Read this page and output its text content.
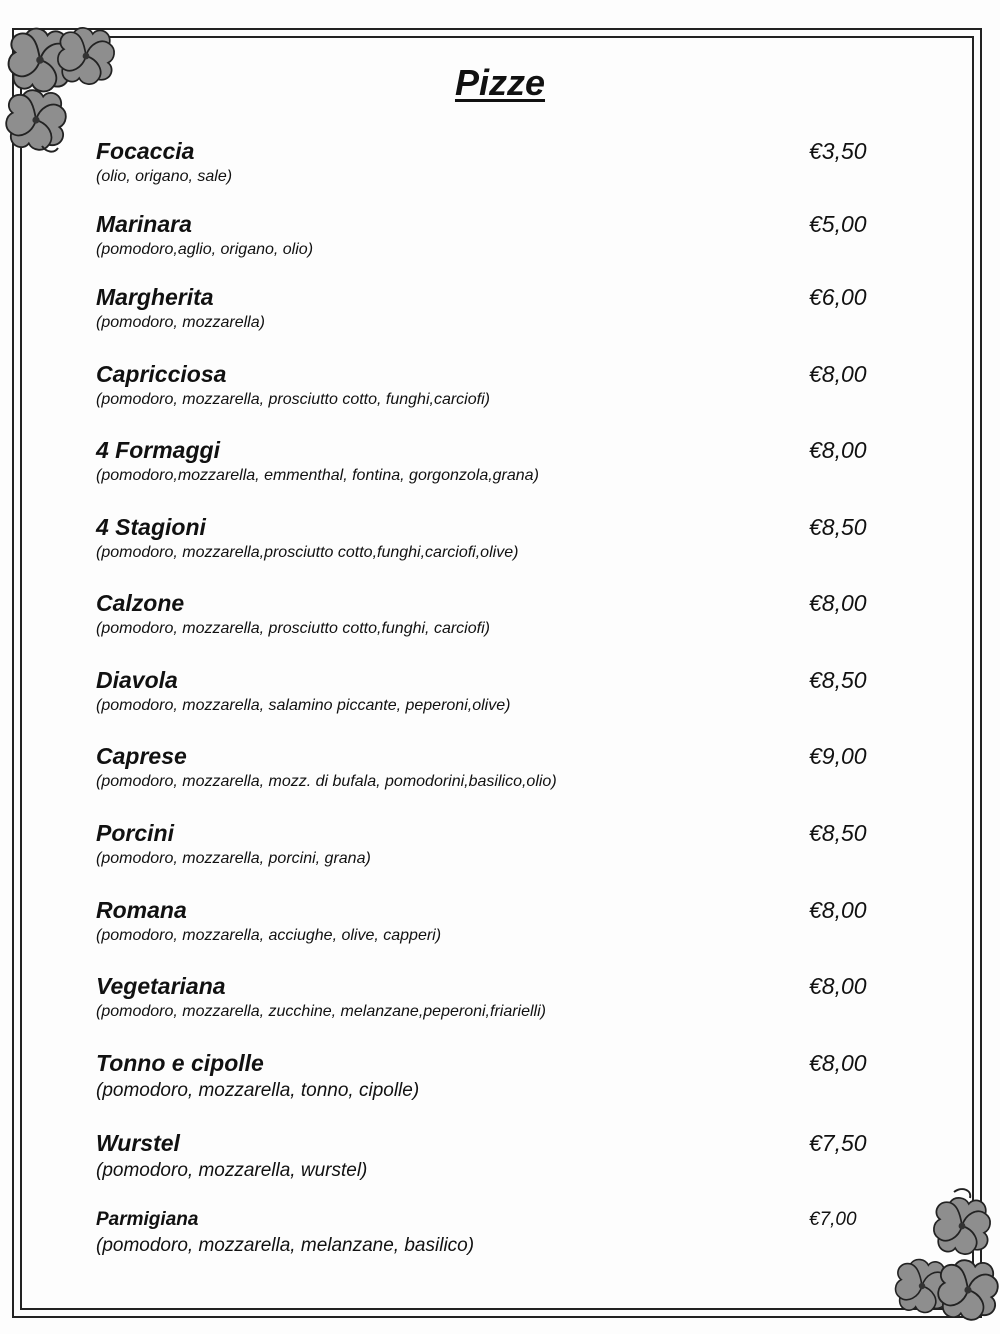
Pizze
Focaccia	€3,50
(olio, origano, sale)
Marinara	€5,00
(pomodoro,aglio, origano, olio)
Margherita	€6,00
(pomodoro, mozzarella)
Capricciosa	€8,00
(pomodoro, mozzarella, prosciutto cotto, funghi,carciofi)
4 Formaggi	€8,00
(pomodoro,mozzarella, emmenthal, fontina, gorgonzola,grana)
4 Stagioni	€8,50
(pomodoro, mozzarella,prosciutto cotto,funghi,carciofi,olive)
Calzone	€8,00
(pomodoro, mozzarella, prosciutto cotto,funghi, carciofi)
Diavola	€8,50
(pomodoro, mozzarella, salamino piccante, peperoni,olive)
Caprese	€9,00
(pomodoro, mozzarella, mozz. di bufala, pomodorini,basilico,olio)
Porcini	€8,50
(pomodoro, mozzarella, porcini, grana)
Romana	€8,00
(pomodoro, mozzarella, acciughe, olive, capperi)
Vegetariana	€8,00
(pomodoro, mozzarella, zucchine, melanzane,peperoni,friarielli)
Tonno e cipolle	€8,00
(pomodoro, mozzarella, tonno, cipolle)
Wurstel	€7,50
(pomodoro, mozzarella, wurstel)
Parmigiana	€7,00
(pomodoro, mozzarella, melanzane, basilico)
